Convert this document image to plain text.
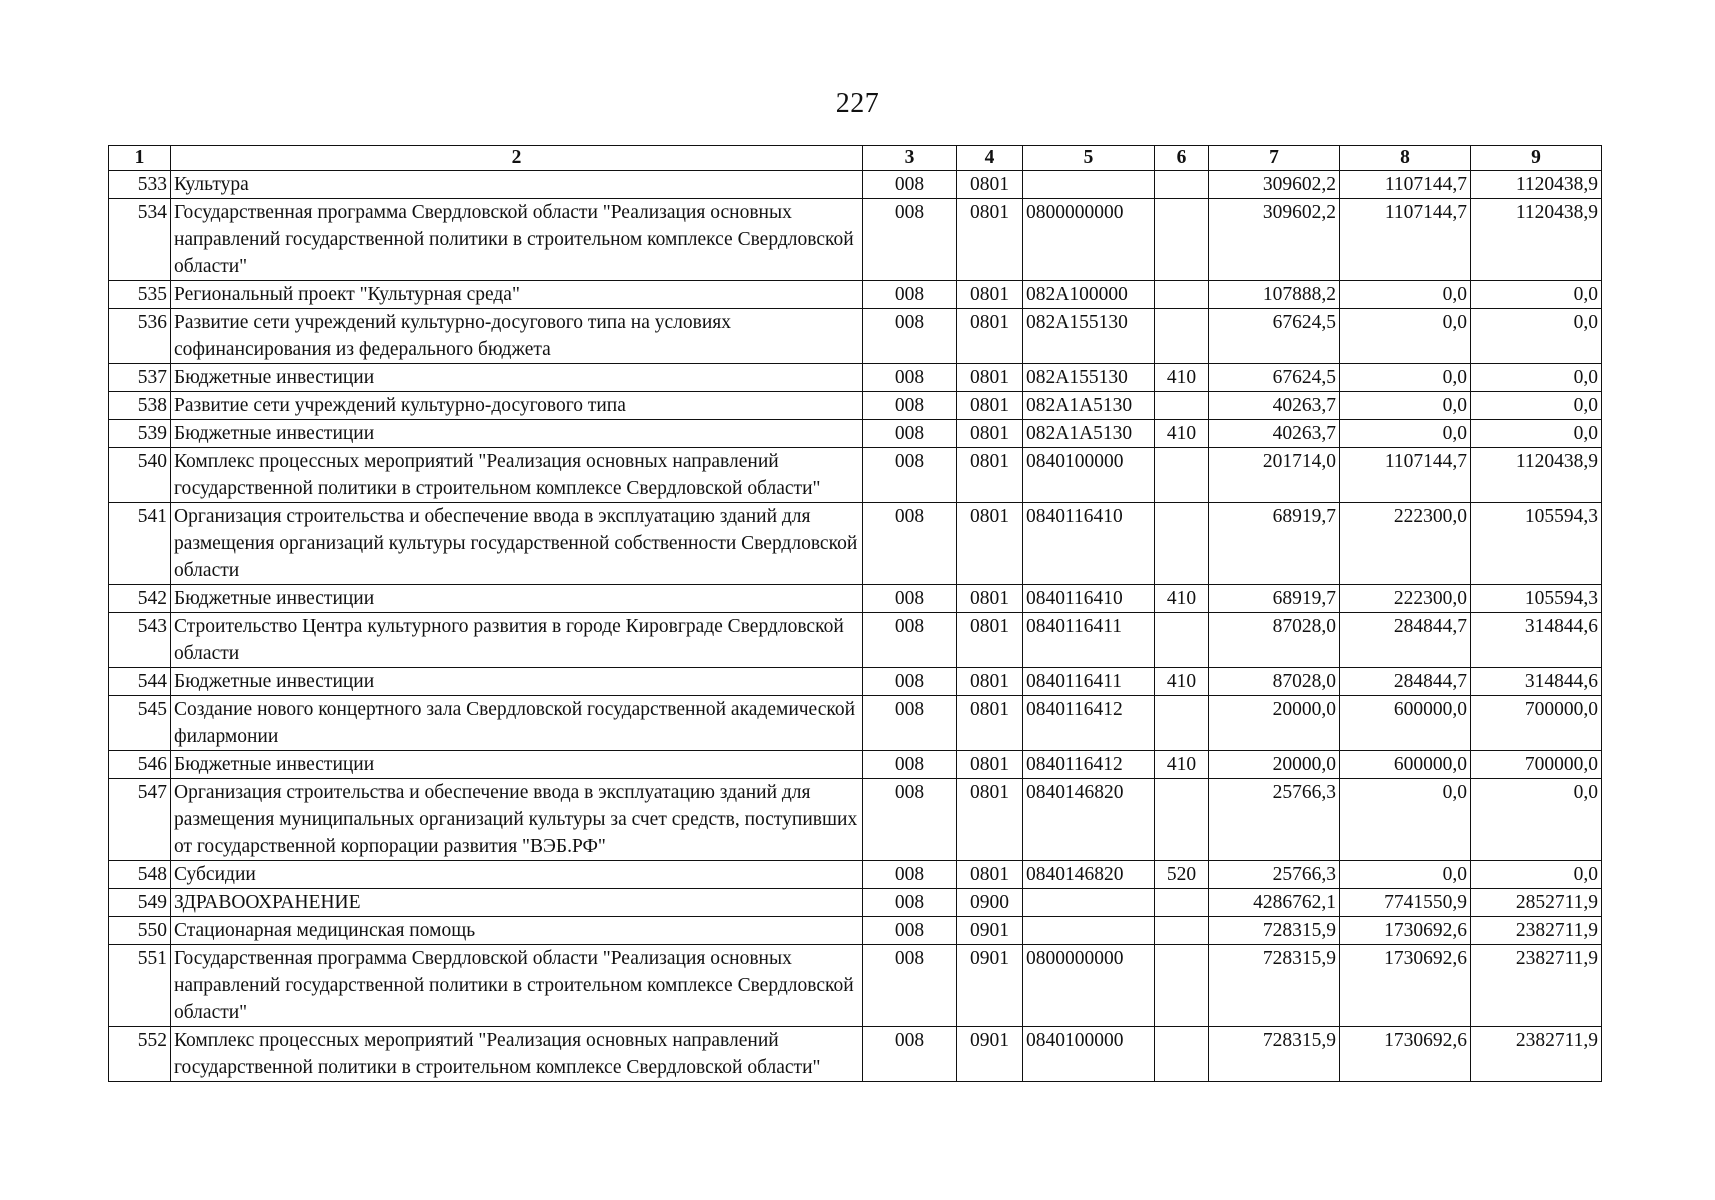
227
1	2	3	4	5	6	7	8	9
533	Культура	008	0801			309602,2	1107144,7	1120438,9
534	Государственная программа Свердловской области "Реализация основных направлений государственной политики в строительном комплексе Свердловской области"	008	0801	0800000000		309602,2	1107144,7	1120438,9
535	Региональный проект "Культурная среда"	008	0801	082A100000		107888,2	0,0	0,0
536	Развитие сети учреждений культурно-досугового типа на условиях софинансирования из федерального бюджета	008	0801	082A155130		67624,5	0,0	0,0
537	Бюджетные инвестиции	008	0801	082A155130	410	67624,5	0,0	0,0
538	Развитие сети учреждений культурно-досугового типа	008	0801	082A1A5130		40263,7	0,0	0,0
539	Бюджетные инвестиции	008	0801	082A1A5130	410	40263,7	0,0	0,0
540	Комплекс процессных мероприятий "Реализация основных направлений государственной политики в строительном комплексе Свердловской области"	008	0801	0840100000		201714,0	1107144,7	1120438,9
541	Организация строительства и обеспечение ввода в эксплуатацию зданий для размещения организаций культуры государственной собственности Свердловской области	008	0801	0840116410		68919,7	222300,0	105594,3
542	Бюджетные инвестиции	008	0801	0840116410	410	68919,7	222300,0	105594,3
543	Строительство Центра культурного развития в городе Кировграде Свердловской области	008	0801	0840116411		87028,0	284844,7	314844,6
544	Бюджетные инвестиции	008	0801	0840116411	410	87028,0	284844,7	314844,6
545	Создание нового концертного зала Свердловской государственной академической филармонии	008	0801	0840116412		20000,0	600000,0	700000,0
546	Бюджетные инвестиции	008	0801	0840116412	410	20000,0	600000,0	700000,0
547	Организация строительства и обеспечение ввода в эксплуатацию зданий для размещения муниципальных организаций культуры за счет средств, поступивших от государственной корпорации развития "ВЭБ.РФ"	008	0801	0840146820		25766,3	0,0	0,0
548	Субсидии	008	0801	0840146820	520	25766,3	0,0	0,0
549	ЗДРАВООХРАНЕНИЕ	008	0900			4286762,1	7741550,9	2852711,9
550	Стационарная медицинская помощь	008	0901			728315,9	1730692,6	2382711,9
551	Государственная программа Свердловской области "Реализация основных направлений государственной политики в строительном комплексе Свердловской области"	008	0901	0800000000		728315,9	1730692,6	2382711,9
552	Комплекс процессных мероприятий "Реализация основных направлений государственной политики в строительном комплексе Свердловской области"	008	0901	0840100000		728315,9	1730692,6	2382711,9
